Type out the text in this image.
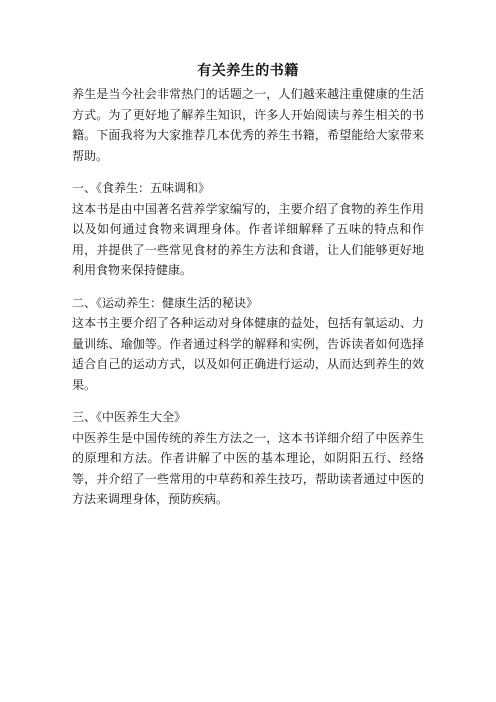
有关养生的书籍

养生是当今社会非常热门的话题之一，人们越来越注重健康的生活方式。为了更好地了解养生知识，许多人开始阅读与养生相关的书籍。下面我将为大家推荐几本优秀的养生书籍，希望能给大家带来帮助。

一、《食养生：五味调和》

这本书是由中国著名营养学家编写的，主要介绍了食物的养生作用以及如何通过食物来调理身体。作者详细解释了五味的特点和作用，并提供了一些常见食材的养生方法和食谱，让人们能够更好地利用食物来保持健康。

二、《运动养生：健康生活的秘诀》

这本书主要介绍了各种运动对身体健康的益处，包括有氧运动、力量训练、瑜伽等。作者通过科学的解释和实例，告诉读者如何选择适合自己的运动方式，以及如何正确进行运动，从而达到养生的效果。

三、《中医养生大全》

中医养生是中国传统的养生方法之一，这本书详细介绍了中医养生的原理和方法。作者讲解了中医的基本理论，如阴阳五行、经络等，并介绍了一些常用的中草药和养生技巧，帮助读者通过中医的方法来调理身体，预防疾病。
